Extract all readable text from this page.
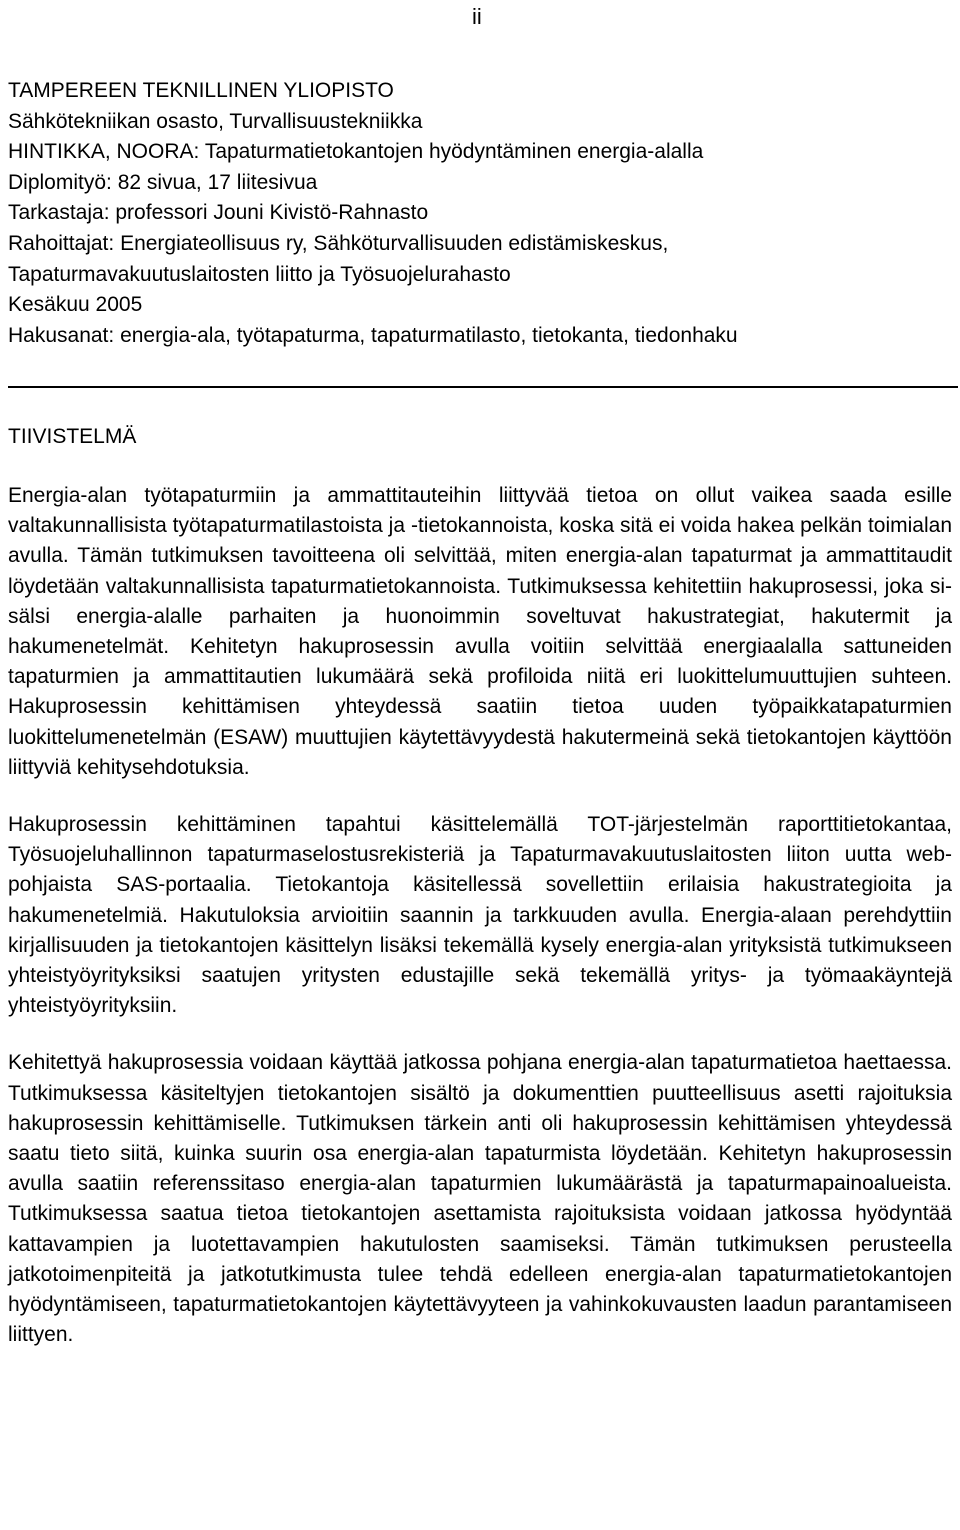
ii
TAMPEREEN TEKNILLINEN YLIOPISTO
Sähkötekniikan osasto, Turvallisuustekniikka
HINTIKKA, NOORA: Tapaturmatietokantojen hyödyntäminen energia-alalla
Diplomityö: 82 sivua, 17 liitesivua
Tarkastaja: professori Jouni Kivistö-Rahnasto
Rahoittajat: Energiateollisuus ry, Sähköturvallisuuden edistämiskeskus,
Tapaturmavakuutuslaitosten liitto ja Työsuojelurahasto
Kesäkuu 2005
Hakusanat: energia-ala, työtapaturma, tapaturmatilasto, tietokanta, tiedonhaku
TIIVISTELMÄ

Energia-alan työtapaturmiin ja ammattitauteihin liittyvää tietoa on ollut vaikea saada esille valtakunnallisista työtapaturmatilastoista ja -tietokannoista, koska sitä ei voida hakea pelkän toimialan avulla. Tämän tutkimuksen tavoitteena oli selvittää, miten energia-alan tapaturmat ja ammattitaudit löydetään valtakunnallisista tapaturmatietokannoista. Tutkimuksessa kehitettiin hakuprosessi, joka sisälsi energia-alalle parhaiten ja huonoimmin soveltuvat hakustrategiat, hakutermit ja hakumenetelmät. Kehitetyn hakuprosessin avulla voitiin selvittää energiaalalla sattuneiden tapaturmien ja ammattitautien lukumäärä sekä profiloida niitä eri luokittelumuuttujien suhteen. Hakuprosessin kehittämisen yhteydessä saatiin tietoa uuden työpaikkatapaturmien luokittelumenetelmän (ESAW) muuttujien käytettävyydestä hakutermeinä sekä tietokantojen käyttöön liittyviä kehitysehdotuksia.

Hakuprosessin kehittäminen tapahtui käsittelemällä TOT-järjestelmän raporttitietokantaa, Työsuojeluhallinnon tapaturmaselostusrekisteriä ja Tapaturmavakuutuslaitosten liiton uutta web-pohjaista SAS-portaalia. Tietokantoja käsitellessä sovellettiin erilaisia hakustrategioita ja hakumenetelmiä. Hakutuloksia arvioitiin saannin ja tarkkuuden avulla. Energia-alaan perehdyttiin kirjallisuuden ja tietokantojen käsittelyn lisäksi tekemällä kysely energia-alan yrityksistä tutkimukseen yhteistyöyrityksiksi saatujen yritysten edustajille sekä tekemällä yritys- ja työmaakäyntejä yhteistyöyrityksiin.

Kehitettyä hakuprosessia voidaan käyttää jatkossa pohjana energia-alan tapaturmatietoa haettaessa. Tutkimuksessa käsiteltyjen tietokantojen sisältö ja dokumenttien puutteellisuus asetti rajoituksia hakuprosessin kehittämiselle. Tutkimuksen tärkein anti oli hakuprosessin kehittämisen yhteydessä saatu tieto siitä, kuinka suurin osa energia-alan tapaturmista löydetään. Kehitetyn hakuprosessin avulla saatiin referenssitaso energia-alan tapaturmien lukumäärästä ja tapaturmapainoalueista. Tutkimuksessa saatua tietoa tietokantojen asettamista rajoituksista voidaan jatkossa hyödyntää kattavampien ja luotettavampien hakutulosten saamiseksi. Tämän tutkimuksen perusteella jatkotoimenpiteitä ja jatkotutkimusta tulee tehdä edelleen energia-alan tapaturmatietokantojen hyödyntämiseen, tapaturmatietokantojen käytettävyyteen ja vahinkokuvausten laadun parantamiseen liittyen.
